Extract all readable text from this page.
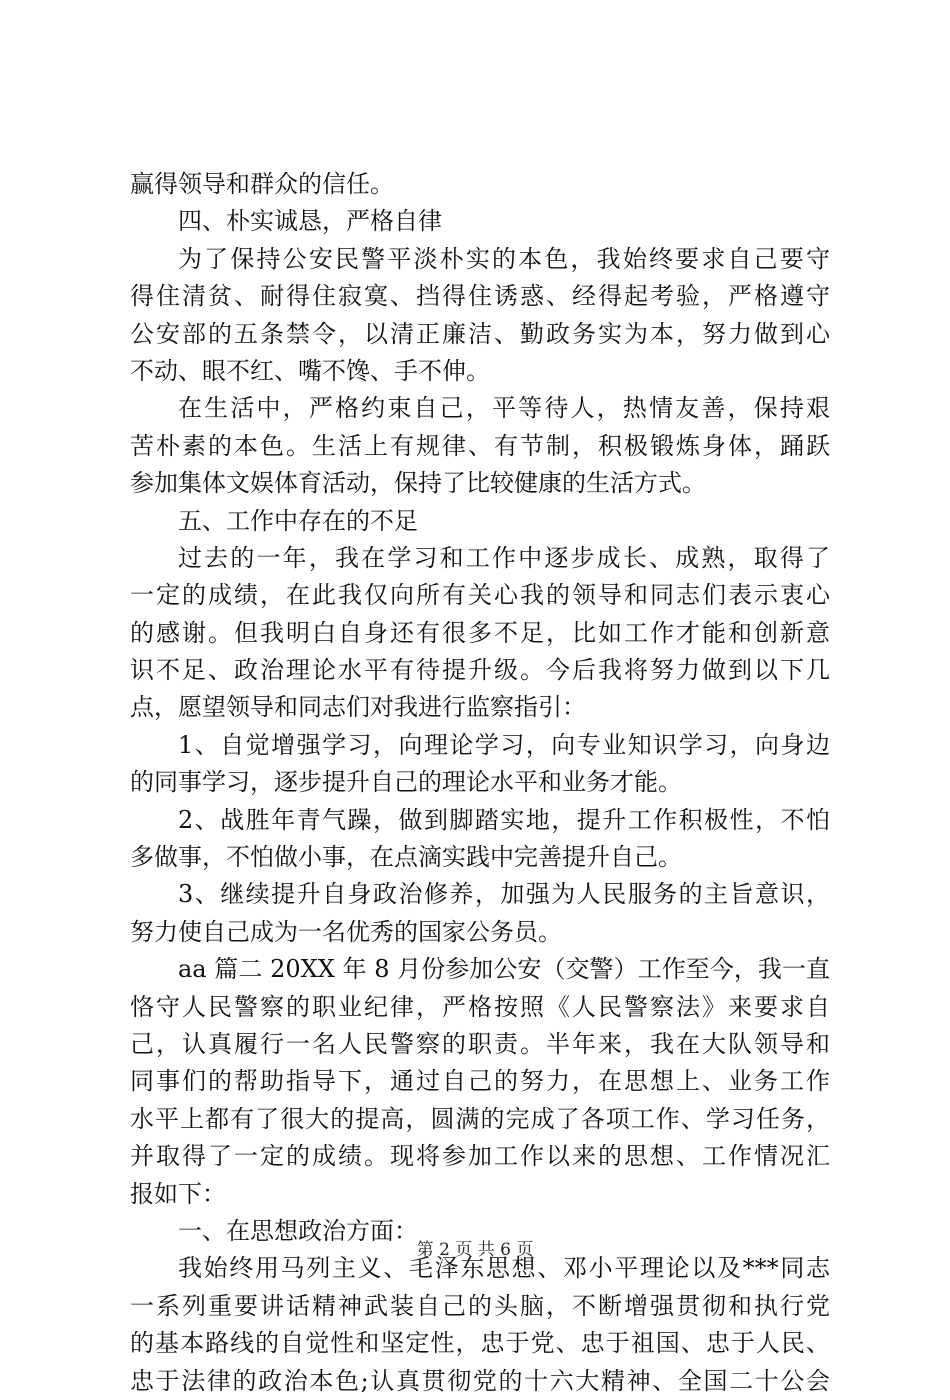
赢得领导和群众的信任。
四、朴实诚恳，严格自律
为了保持公安民警平淡朴实的本色，我始终要求自己要守
得住清贫、耐得住寂寞、挡得住诱惑、经得起考验，严格遵守
公安部的五条禁令，以清正廉洁、勤政务实为本，努力做到心
不动、眼不红、嘴不馋、手不伸。
在生活中，严格约束自己，平等待人，热情友善，保持艰
苦朴素的本色。生活上有规律、有节制，积极锻炼身体，踊跃
参加集体文娱体育活动，保持了比较健康的生活方式。
五、工作中存在的不足
过去的一年，我在学习和工作中逐步成长、成熟，取得了
一定的成绩，在此我仅向所有关心我的领导和同志们表示衷心
的感谢。但我明白自身还有很多不足，比如工作才能和创新意
识不足、政治理论水平有待提升级。今后我将努力做到以下几
点，愿望领导和同志们对我进行监察指引：
1、自觉增强学习，向理论学习，向专业知识学习，向身边
的同事学习，逐步提升自己的理论水平和业务才能。
2、战胜年青气躁，做到脚踏实地，提升工作积极性，不怕
多做事，不怕做小事，在点滴实践中完善提升自己。
3、继续提升自身政治修养，加强为人民服务的主旨意识，
努力使自己成为一名优秀的国家公务员。
aa 篇二 20XX 年 8 月份参加公安（交警）工作至今，我一直
恪守人民警察的职业纪律，严格按照《人民警察法》来要求自
己，认真履行一名人民警察的职责。半年来，我在大队领导和
同事们的帮助指导下，通过自己的努力，在思想上、业务工作
水平上都有了很大的提高，圆满的完成了各项工作、学习任务，
并取得了一定的成绩。现将参加工作以来的思想、工作情况汇
报如下：
一、在思想政治方面：
我始终用马列主义、毛泽东思想、邓小平理论以及***同志
一系列重要讲话精神武装自己的头脑，不断增强贯彻和执行党
的基本路线的自觉性和坚定性，忠于党、忠于祖国、忠于人民、
忠于法律的政治本色;认真贯彻党的十六大精神、全国二十公会
第 2 页 共 6 页
